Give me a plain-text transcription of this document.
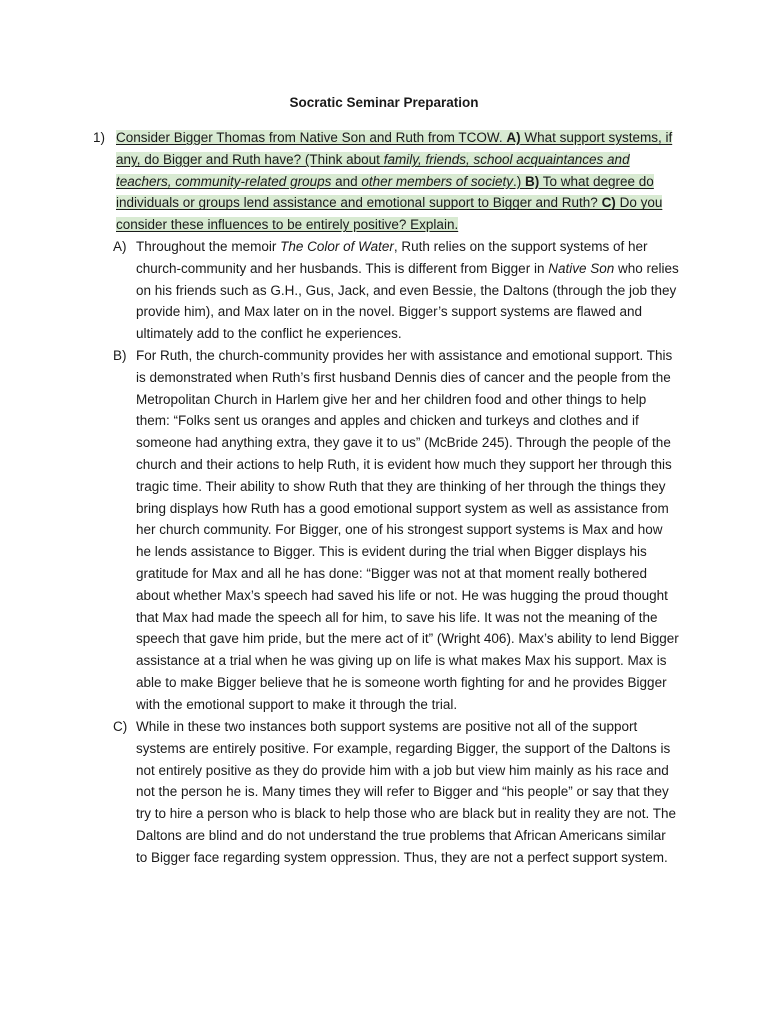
Socratic Seminar Preparation
1) Consider Bigger Thomas from Native Son and Ruth from TCOW. A) What support systems, if any, do Bigger and Ruth have? (Think about family, friends, school acquaintances and teachers, community-related groups and other members of society.) B) To what degree do individuals or groups lend assistance and emotional support to Bigger and Ruth? C) Do you consider these influences to be entirely positive? Explain.
A) Throughout the memoir The Color of Water, Ruth relies on the support systems of her church-community and her husbands. This is different from Bigger in Native Son who relies on his friends such as G.H., Gus, Jack, and even Bessie, the Daltons (through the job they provide him), and Max later on in the novel. Bigger’s support systems are flawed and ultimately add to the conflict he experiences.
B) For Ruth, the church-community provides her with assistance and emotional support. This is demonstrated when Ruth’s first husband Dennis dies of cancer and the people from the Metropolitan Church in Harlem give her and her children food and other things to help them: “Folks sent us oranges and apples and chicken and turkeys and clothes and if someone had anything extra, they gave it to us” (McBride 245). Through the people of the church and their actions to help Ruth, it is evident how much they support her through this tragic time. Their ability to show Ruth that they are thinking of her through the things they bring displays how Ruth has a good emotional support system as well as assistance from her church community. For Bigger, one of his strongest support systems is Max and how he lends assistance to Bigger. This is evident during the trial when Bigger displays his gratitude for Max and all he has done: “Bigger was not at that moment really bothered about whether Max’s speech had saved his life or not. He was hugging the proud thought that Max had made the speech all for him, to save his life. It was not the meaning of the speech that gave him pride, but the mere act of it” (Wright 406). Max’s ability to lend Bigger assistance at a trial when he was giving up on life is what makes Max his support. Max is able to make Bigger believe that he is someone worth fighting for and he provides Bigger with the emotional support to make it through the trial.
C) While in these two instances both support systems are positive not all of the support systems are entirely positive. For example, regarding Bigger, the support of the Daltons is not entirely positive as they do provide him with a job but view him mainly as his race and not the person he is. Many times they will refer to Bigger and “his people” or say that they try to hire a person who is black to help those who are black but in reality they are not. The Daltons are blind and do not understand the true problems that African Americans similar to Bigger face regarding system oppression. Thus, they are not a perfect support system.
